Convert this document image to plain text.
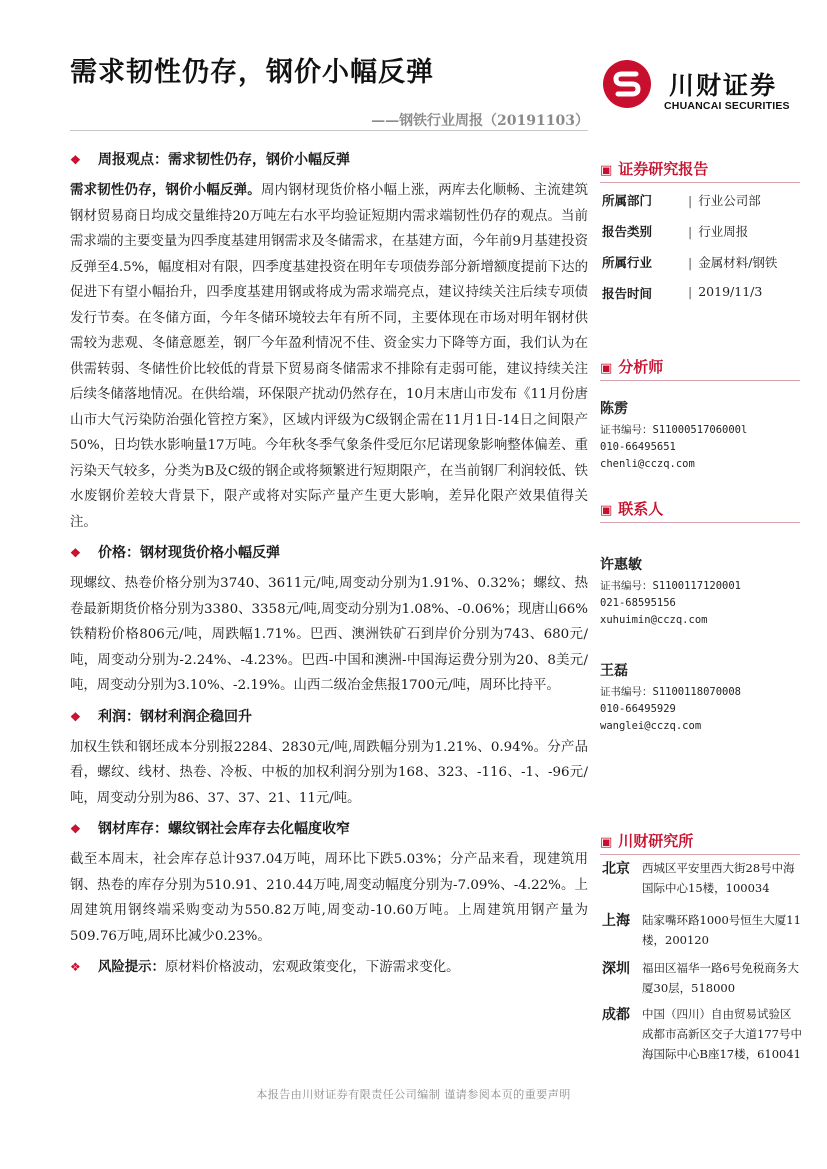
需求韧性仍存，钢价小幅反弹
——钢铁行业周报（20191103）
川财证券
CHUANCAI SECURITIES
❖ 周报观点：需求韧性仍存，钢价小幅反弹

需求韧性仍存，钢价小幅反弹。周内钢材现货价格小幅上涨，两库去化顺畅、主流建筑钢材贸易商日均成交量维持20万吨左右水平均验证短期内需求端韧性仍存的观点。当前需求端的主要变量为四季度基建用钢需求及冬储需求，在基建方面，今年前9月基建投资反弹至4.5%，幅度相对有限，四季度基建投资在明年专项债券部分新增额度提前下达的促进下有望小幅抬升，四季度基建用钢或将成为需求端亮点，建议持续关注后续专项债发行节奏。在冬储方面，今年冬储环境较去年有所不同，主要体现在市场对明年钢材供需较为悲观、冬储意愿差，钢厂今年盈利情况不佳、资金实力下降等方面，我们认为在供需转弱、冬储性价比较低的背景下贸易商冬储需求不排除有走弱可能，建议持续关注后续冬储落地情况。在供给端，环保限产扰动仍然存在，10月末唐山市发布《11月份唐山市大气污染防治强化管控方案》，区域内评级为C级钢企需在11月1日-14日之间限产50%，日均铁水影响量17万吨。今年秋冬季气象条件受厄尔尼诺现象影响整体偏差、重污染天气较多，分类为B及C级的钢企或将频繁进行短期限产，在当前钢厂利润较低、铁水废钢价差较大背景下，限产或将对实际产量产生更大影响，差异化限产效果值得关注。

❖ 价格：钢材现货价格小幅反弹

现螺纹、热卷价格分别为3740、3611元/吨,周变动分别为1.91%、0.32%；螺纹、热卷最新期货价格分别为3380、3358元/吨,周变动分别为1.08%、-0.06%；现唐山66%铁精粉价格806元/吨，周跌幅1.71%。巴西、澳洲铁矿石到岸价分别为743、680元/吨，周变动分别为-2.24%、-4.23%。巴西-中国和澳洲-中国海运费分别为20、8美元/吨，周变动分别为3.10%、-2.19%。山西二级冶金焦报1700元/吨，周环比持平。

❖ 利润：钢材利润企稳回升

加权生铁和钢坯成本分别报2284、2830元/吨,周跌幅分别为1.21%、0.94%。分产品看，螺纹、线材、热卷、冷板、中板的加权利润分别为168、323、-116、-1、-96元/吨，周变动分别为86、37、37、21、11元/吨。

❖ 钢材库存：螺纹钢社会库存去化幅度收窄

截至本周末，社会库存总计937.04万吨，周环比下跌5.03%；分产品来看，现建筑用钢、热卷的库存分别为510.91、210.44万吨,周变动幅度分别为-7.09%、-4.22%。上周建筑用钢终端采购变动为550.82万吨,周变动-10.60万吨。上周建筑用钢产量为509.76万吨,周环比减少0.23%。

❖ 风险提示：原材料价格波动，宏观政策变化，下游需求变化。
▣ 证券研究报告
所属部门	| 行业公司部
报告类别	| 行业周报
所属行业	| 金属材料/钢铁
报告时间	| 2019/11/3
▣ 分析师
陈雳
证书编号：S1100051706000l
010-66495651
chenli@cczq.com
▣ 联系人
许惠敏
证书编号：S1100117120001
021-68595156
xuhuimin@cczq.com
王磊
证书编号：S1100118070008
010-66495929
wanglei@cczq.com
▣ 川财研究所
北京 西城区平安里西大街28号中海国际中心15楼，100034
上海 陆家嘴环路1000号恒生大厦11楼，200120
深圳 福田区福华一路6号免税商务大厦30层，518000
成都 中国（四川）自由贸易试验区成都市高新区交子大道177号中海国际中心B座17楼，610041
本报告由川财证券有限责任公司编制 谨请参阅本页的重要声明
